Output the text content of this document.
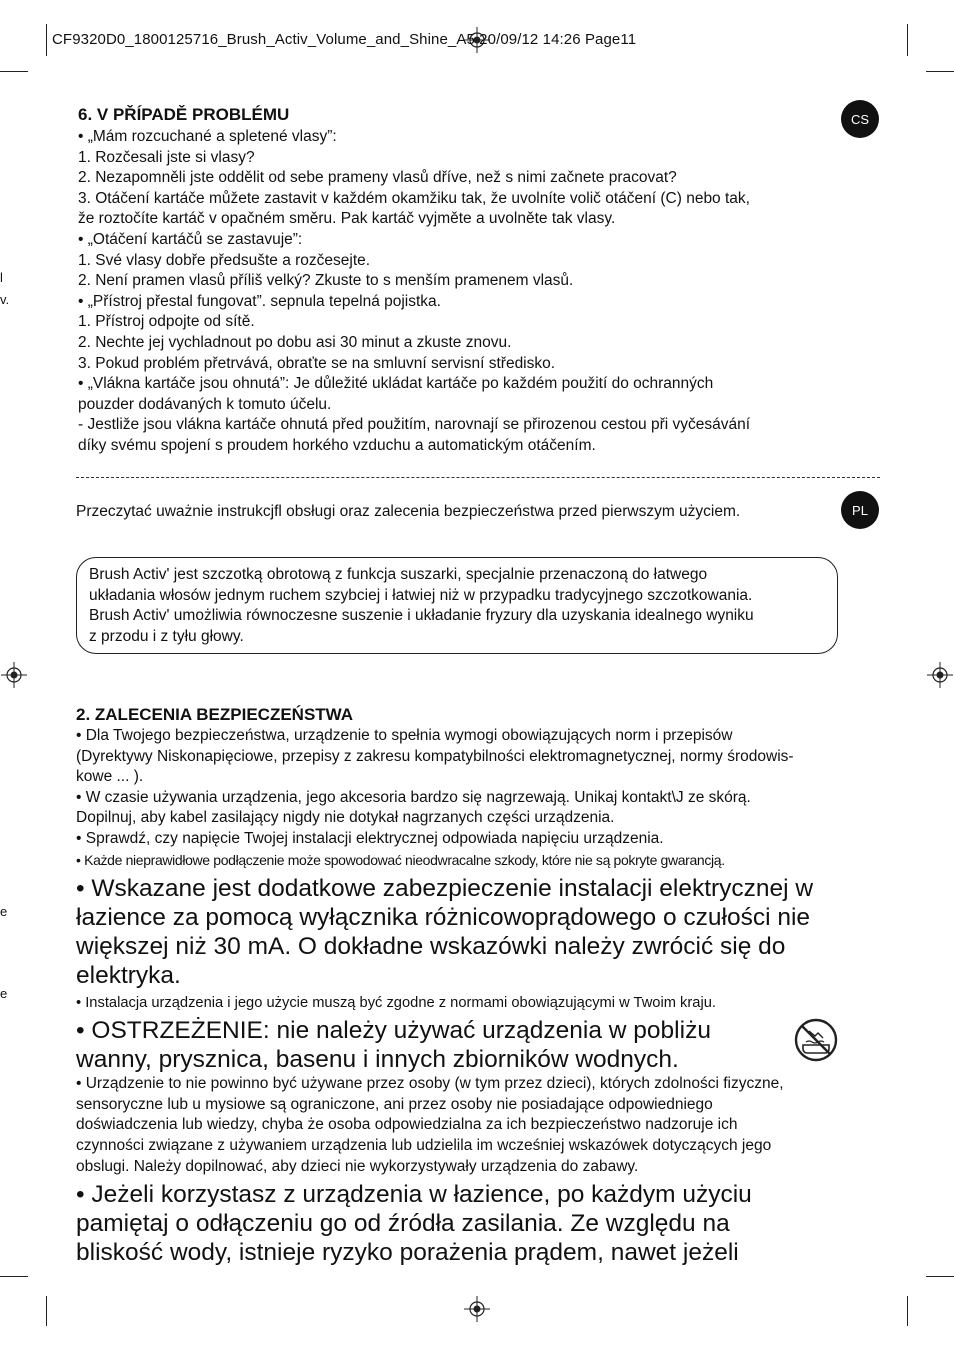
l
v.
e
e
CF9320D0_1800125716_Brush_Activ_Volume_and_Shine_A5 20/09/12 14:26 Page11
CS
6. V PŘÍPADĚ PROBLÉMU
• „Mám rozcuchané a spletené vlasy”:
1. Rozčesali jste si vlasy?
2. Nezapomněli jste oddělit od sebe prameny vlasů dříve, než s nimi začnete pracovat?
3. Otáčení kartáče můžete zastavit v každém okamžiku tak, že uvolníte volič otáčení (C) nebo tak,
že roztočíte kartáč v opačném směru. Pak kartáč vyjměte a uvolněte tak vlasy.
• „Otáčení kartáčů se zastavuje”:
1. Své vlasy dobře předsušte a rozčesejte.
2. Není pramen vlasů příliš velký? Zkuste to s menším pramenem vlasů.
• „Přístroj přestal fungovat”. sepnula tepelná pojistka.
1. Přístroj odpojte od sítě.
2. Nechte jej vychladnout po dobu asi 30 minut a zkuste znovu.
3. Pokud problém přetrvává, obraťte se na smluvní servisní středisko.
• „Vlákna kartáče jsou ohnutá”: Je důležité ukládat kartáče po každém použití do ochranných
pouzder dodávaných k tomuto účelu.
- Jestliže jsou vlákna kartáče ohnutá před použitím, narovnají se přirozenou cestou při vyčesávání
díky svému spojení s proudem horkého vzduchu a automatickým otáčením.
PL
Przeczytać uważnie instrukcjfl obsługi oraz zalecenia bezpieczeństwa przed pierwszym użyciem.
Brush Activ' jest szczotką obrotową z funkcja suszarki, specjalnie przenaczoną do łatwego
układania włosów jednym ruchem szybciej i łatwiej niż w przypadku tradycyjnego szczotkowania.
Brush Activ' umożliwia równoczesne suszenie i układanie fryzury dla uzyskania idealnego wyniku
z przodu i z tyłu głowy.
2. ZALECENIA BEZPIECZEŃSTWA
• Dla Twojego bezpieczeństwa, urządzenie to spełnia wymogi obowiązujących norm i przepisów
(Dyrektywy Niskonapięciowe, przepisy z zakresu kompatybilności elektromagnetycznej, normy środowis-
kowe ... ).
• W czasie używania urządzenia, jego akcesoria bardzo się nagrzewają. Unikaj kontakt\J ze skórą.
Dopilnuj, aby kabel zasilający nigdy nie dotykał nagrzanych części urządzenia.
• Sprawdź, czy napięcie Twojej instalacji elektrycznej odpowiada napięciu urządzenia.
• Każde nieprawidłowe podłączenie może spowodować nieodwracalne szkody, które nie są pokryte gwarancją.
• Wskazane jest dodatkowe zabezpieczenie instalacji elektrycznej w
łazience za pomocą wyłącznika różnicowoprądowego o czułości nie
większej niż 30 mA. O dokładne wskazówki należy zwrócić się do
elektryka.
• Instalacja urządzenia i jego użycie muszą być zgodne z normami obowiązującymi w Twoim kraju.
• OSTRZEŻENIE: nie należy używać urządzenia w pobliżu
wanny, prysznica, basenu i innych zbiorników wodnych.
• Urządzenie to nie powinno być używane przez osoby (w tym przez dzieci), których zdolności fizyczne,
sensoryczne lub u mysiowe są ograniczone, ani przez osoby nie posiadające odpowiedniego
doświadczenia lub wiedzy, chyba że osoba odpowiedzialna za ich bezpieczeństwo nadzoruje ich
czynności związane z używaniem urządzenia lub udzielila im wcześniej wskazówek dotyczących jego
obslugi. Należy dopilnować, aby dzieci nie wykorzystywały urządzenia do zabawy.
• Jeżeli korzystasz z urządzenia w łazience, po każdym użyciu
pamiętaj o odłączeniu go od źródła zasilania. Ze względu na
bliskość wody, istnieje ryzyko porażenia prądem, nawet jeżeli
